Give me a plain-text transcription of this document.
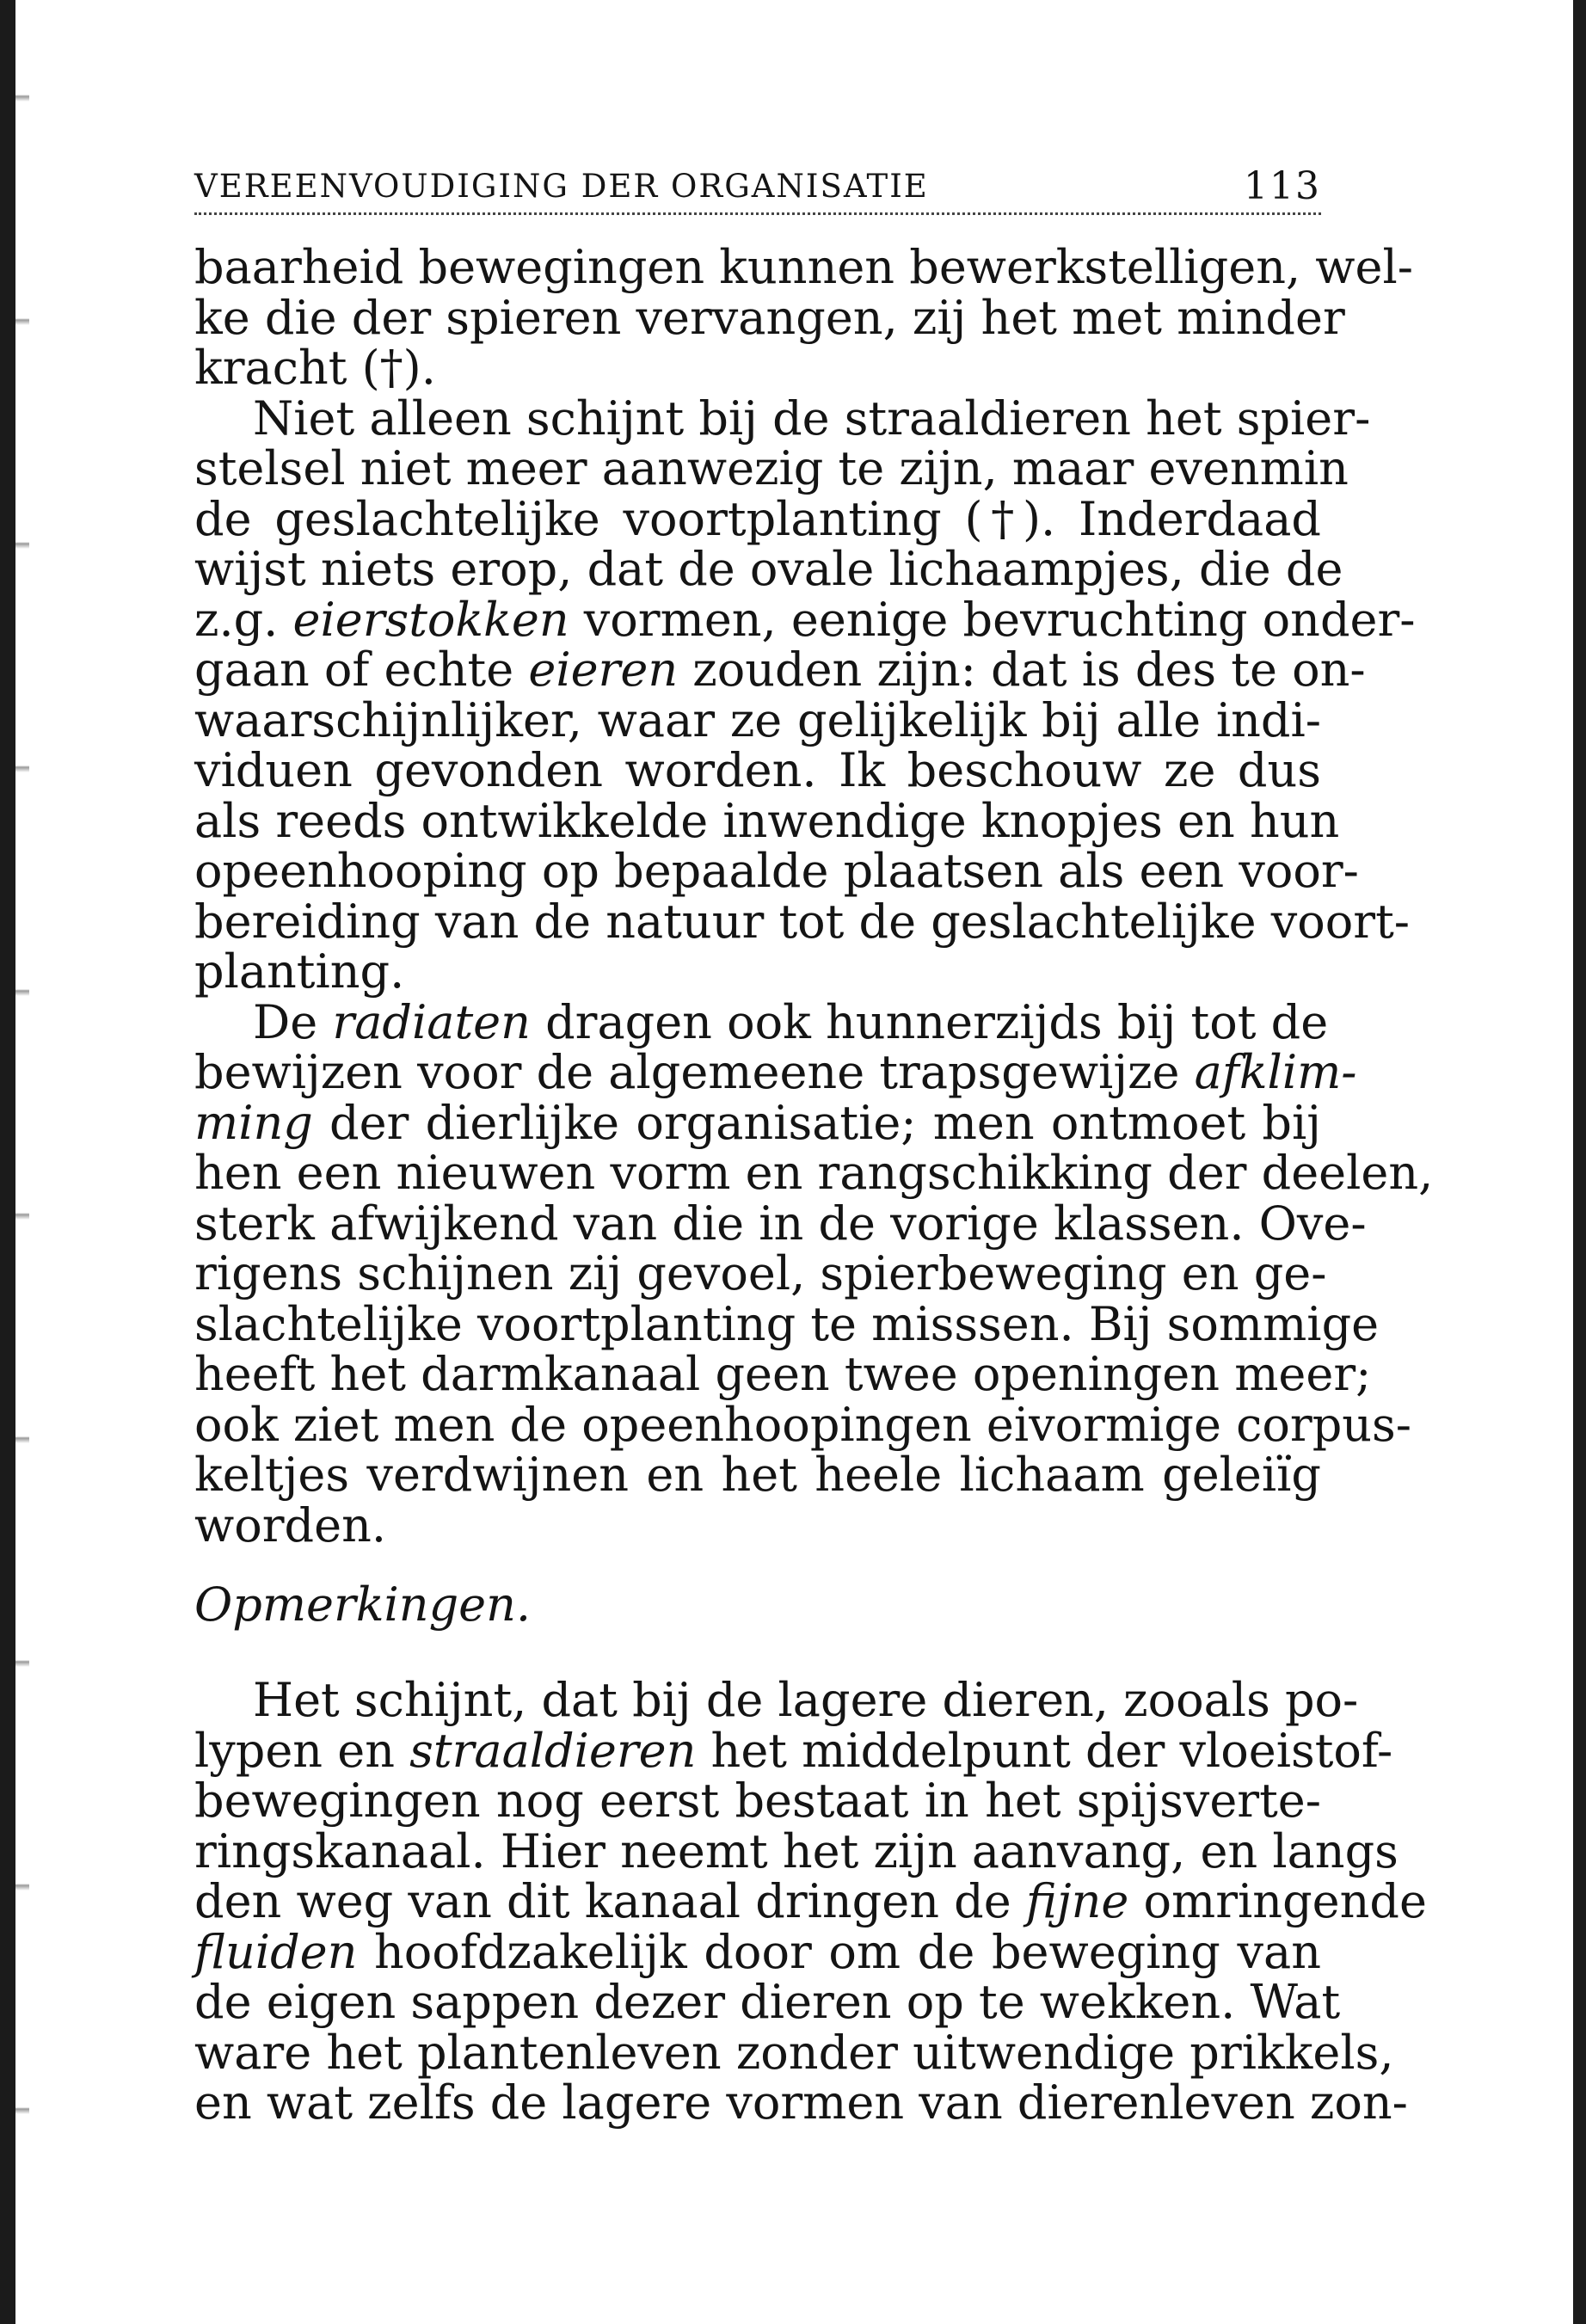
VEREENVOUDIGING DER ORGANISATIE	113
baarheid bewegingen kunnen bewerkstelligen, wel-
ke die der spieren vervangen, zij het met minder
kracht (†).
Niet alleen schijnt bij de straaldieren het spier-
stelsel niet meer aanwezig te zijn, maar evenmin
de geslachtelijke voortplanting (†). Inderdaad
wijst niets erop, dat de ovale lichaampjes, die de
z.g. eierstokken vormen, eenige bevruchting onder-
gaan of echte eieren zouden zijn: dat is des te on-
waarschijnlijker, waar ze gelijkelijk bij alle indi-
viduen gevonden worden. Ik beschouw ze dus
als reeds ontwikkelde inwendige knopjes en hun
opeenhooping op bepaalde plaatsen als een voor-
bereiding van de natuur tot de geslachtelijke voort-
planting.
De radiaten dragen ook hunnerzijds bij tot de
bewijzen voor de algemeene trapsgewijze afklim-
ming der dierlijke organisatie; men ontmoet bij
hen een nieuwen vorm en rangschikking der deelen,
sterk afwijkend van die in de vorige klassen. Ove-
rigens schijnen zij gevoel, spierbeweging en ge-
slachtelijke voortplanting te misssen. Bij sommige
heeft het darmkanaal geen twee openingen meer;
ook ziet men de opeenhoopingen eivormige corpus-
keltjes verdwijnen en het heele lichaam geleiïg
worden.
Opmerkingen.
Het schijnt, dat bij de lagere dieren, zooals po-
lypen en straaldieren het middelpunt der vloeistof-
bewegingen nog eerst bestaat in het spijsverte-
ringskanaal. Hier neemt het zijn aanvang, en langs
den weg van dit kanaal dringen de fijne omringende
fluiden hoofdzakelijk door om de beweging van
de eigen sappen dezer dieren op te wekken. Wat
ware het plantenleven zonder uitwendige prikkels,
en wat zelfs de lagere vormen van dierenleven zon-
